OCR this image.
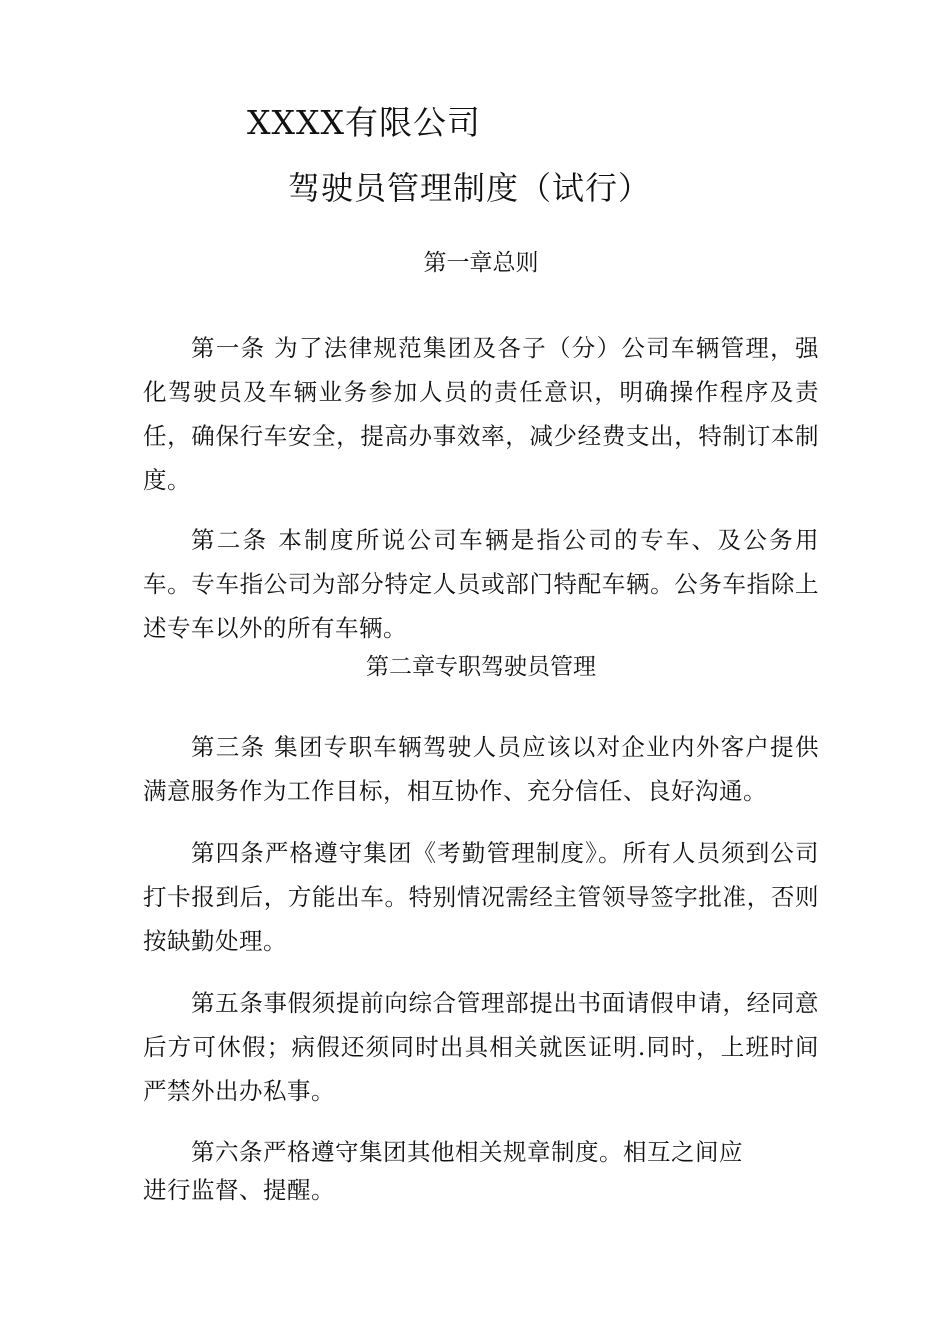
XXXX有限公司
驾驶员管理制度（试行）
第一章总则

第一条 为了法律规范集团及各子（分）公司车辆管理，强化驾驶员及车辆业务参加人员的责任意识，明确操作程序及责任，确保行车安全，提高办事效率，减少经费支出，特制订本制度。

第二条 本制度所说公司车辆是指公司的专车、及公务用车。专车指公司为部分特定人员或部门特配车辆。公务车指除上述专车以外的所有车辆。

第二章专职驾驶员管理

第三条 集团专职车辆驾驶人员应该以对企业内外客户提供满意服务作为工作目标，相互协作、充分信任、良好沟通。

第四条严格遵守集团《考勤管理制度》。所有人员须到公司打卡报到后，方能出车。特别情况需经主管领导签字批准，否则按缺勤处理。

第五条事假须提前向综合管理部提出书面请假申请，经同意后方可休假；病假还须同时出具相关就医证明.同时，上班时间严禁外出办私事。

第六条严格遵守集团其他相关规章制度。相互之间应

进行监督、提醒。
